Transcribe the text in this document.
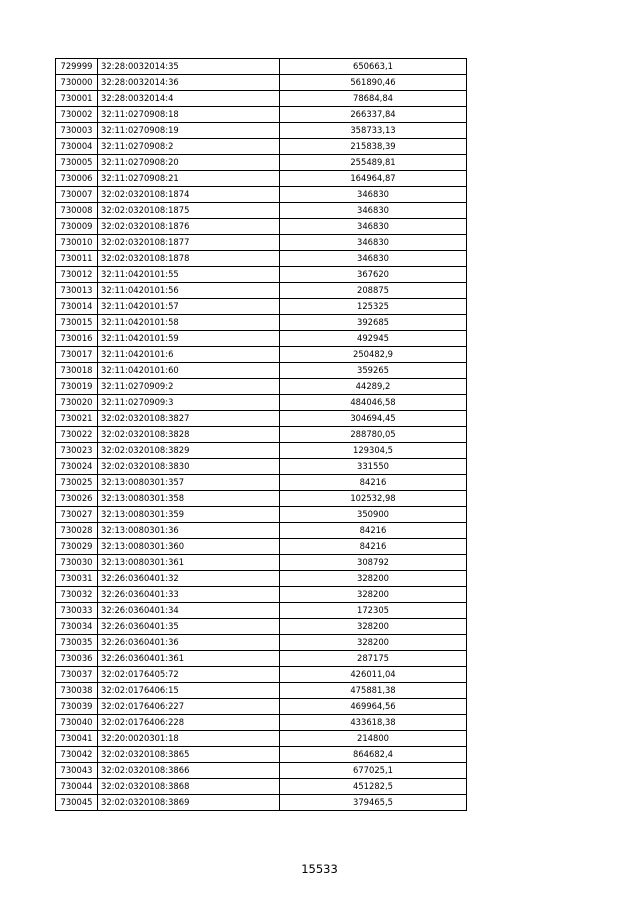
729999	32:28:0032014:35	650663,1
730000	32:28:0032014:36	561890,46
730001	32:28:0032014:4	78684,84
730002	32:11:0270908:18	266337,84
730003	32:11:0270908:19	358733,13
730004	32:11:0270908:2	215838,39
730005	32:11:0270908:20	255489,81
730006	32:11:0270908:21	164964,87
730007	32:02:0320108:1874	346830
730008	32:02:0320108:1875	346830
730009	32:02:0320108:1876	346830
730010	32:02:0320108:1877	346830
730011	32:02:0320108:1878	346830
730012	32:11:0420101:55	367620
730013	32:11:0420101:56	208875
730014	32:11:0420101:57	125325
730015	32:11:0420101:58	392685
730016	32:11:0420101:59	492945
730017	32:11:0420101:6	250482,9
730018	32:11:0420101:60	359265
730019	32:11:0270909:2	44289,2
730020	32:11:0270909:3	484046,58
730021	32:02:0320108:3827	304694,45
730022	32:02:0320108:3828	288780,05
730023	32:02:0320108:3829	129304,5
730024	32:02:0320108:3830	331550
730025	32:13:0080301:357	84216
730026	32:13:0080301:358	102532,98
730027	32:13:0080301:359	350900
730028	32:13:0080301:36	84216
730029	32:13:0080301:360	84216
730030	32:13:0080301:361	308792
730031	32:26:0360401:32	328200
730032	32:26:0360401:33	328200
730033	32:26:0360401:34	172305
730034	32:26:0360401:35	328200
730035	32:26:0360401:36	328200
730036	32:26:0360401:361	287175
730037	32:02:0176405:72	426011,04
730038	32:02:0176406:15	475881,38
730039	32:02:0176406:227	469964,56
730040	32:02:0176406:228	433618,38
730041	32:20:0020301:18	214800
730042	32:02:0320108:3865	864682,4
730043	32:02:0320108:3866	677025,1
730044	32:02:0320108:3868	451282,5
730045	32:02:0320108:3869	379465,5
15533
